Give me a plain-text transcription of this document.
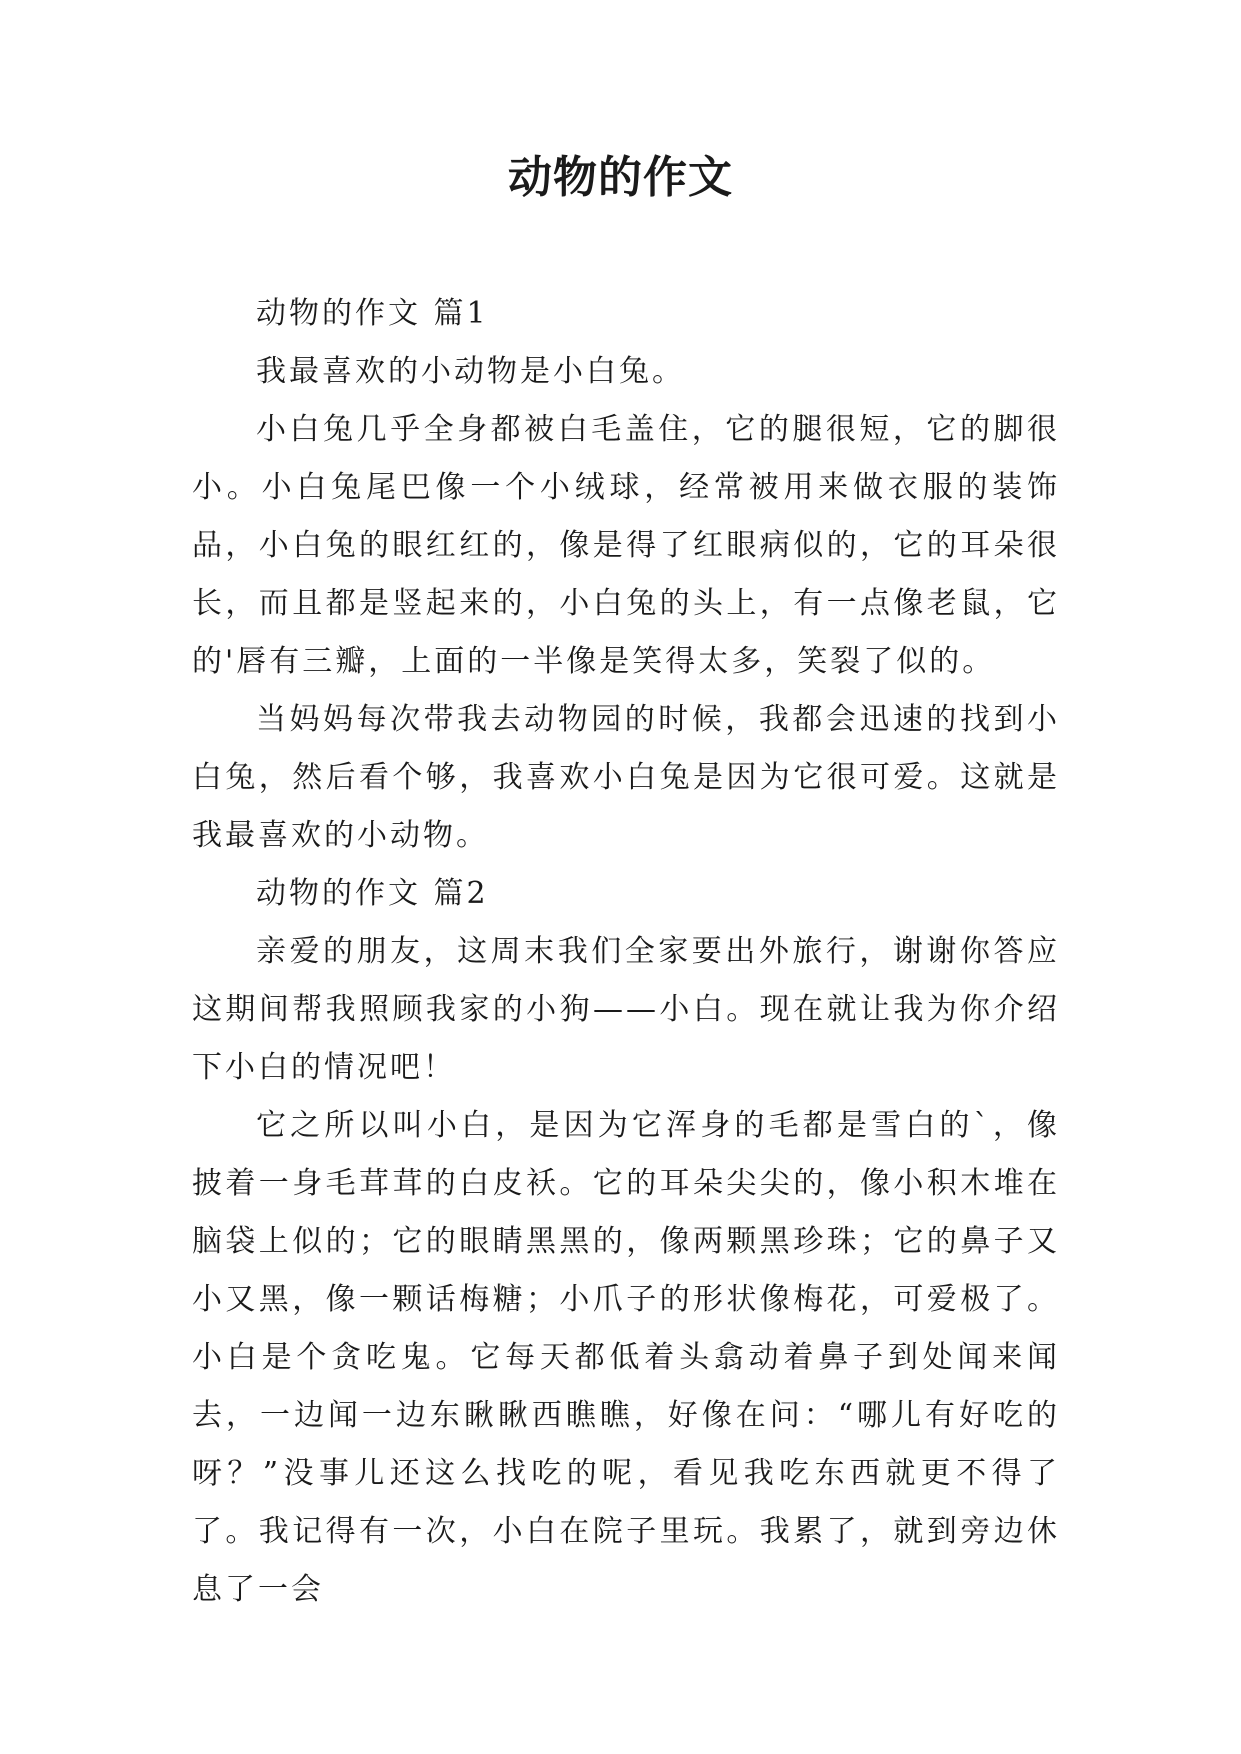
动物的作文

动物的作文 篇1

我最喜欢的小动物是小白兔。

小白兔几乎全身都被白毛盖住，它的腿很短，它的脚很小。小白兔尾巴像一个小绒球，经常被用来做衣服的装饰品，小白兔的眼红红的，像是得了红眼病似的，它的耳朵很长，而且都是竖起来的，小白兔的头上，有一点像老鼠，它的'唇有三瓣，上面的一半像是笑得太多，笑裂了似的。

当妈妈每次带我去动物园的时候，我都会迅速的找到小白兔，然后看个够，我喜欢小白兔是因为它很可爱。这就是我最喜欢的小动物。

动物的作文 篇2

亲爱的朋友，这周末我们全家要出外旅行，谢谢你答应这期间帮我照顾我家的小狗——小白。现在就让我为你介绍下小白的情况吧！

它之所以叫小白，是因为它浑身的毛都是雪白的`，像披着一身毛茸茸的白皮袄。它的耳朵尖尖的，像小积木堆在脑袋上似的；它的眼睛黑黑的，像两颗黑珍珠；它的鼻子又小又黑，像一颗话梅糖；小爪子的形状像梅花，可爱极了。小白是个贪吃鬼。它每天都低着头翕动着鼻子到处闻来闻去，一边闻一边东瞅瞅西瞧瞧，好像在问：“哪儿有好吃的呀？”没事儿还这么找吃的呢，看见我吃东西就更不得了了。我记得有一次，小白在院子里玩。我累了，就到旁边休息了一会
